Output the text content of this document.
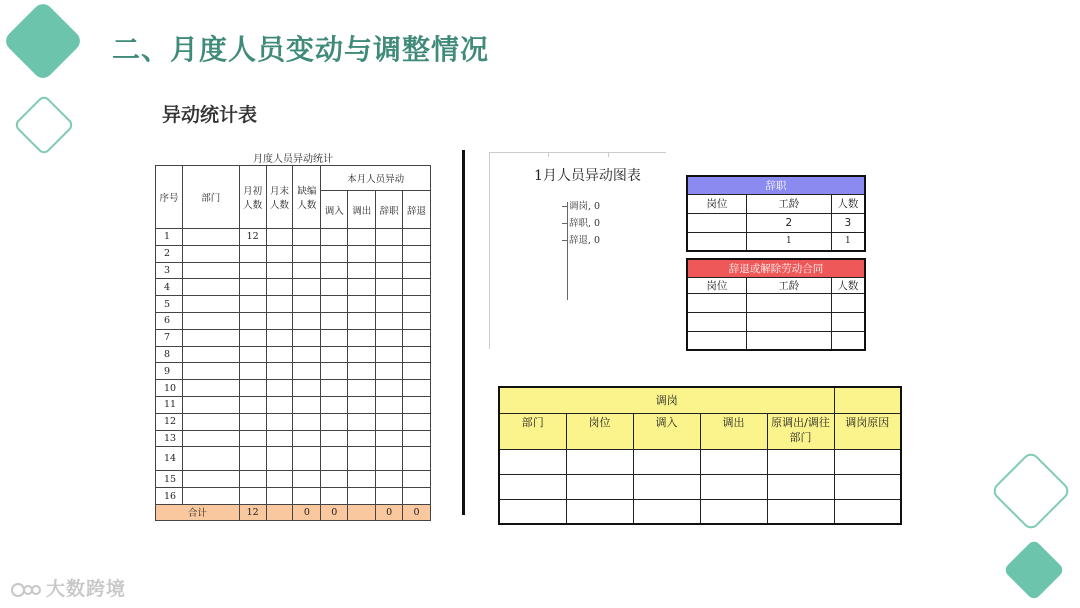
二、月度人员变动与调整情况
异动统计表
月度人员异动统计								
序号	部门	月初人数	月末人数	缺编人数	本月人员异动			
					调入	调出	辞职	辞退
1		12						
2								
3								
4								
5								
6								
7								
8								
9								
10								
11								
12								
13								
14								
15								
16								
合计		12		0	0		0	0
1月人员异动图表
调岗, 0
辞职, 0
辞退, 0
辞职		
岗位	工龄	人数
	2	3
	1	1
辞退或解除劳动合同		
岗位	工龄	人数

调岗					
部门	岗位	调入	调出	原调出/调往部门	调岗原因

大数跨境
